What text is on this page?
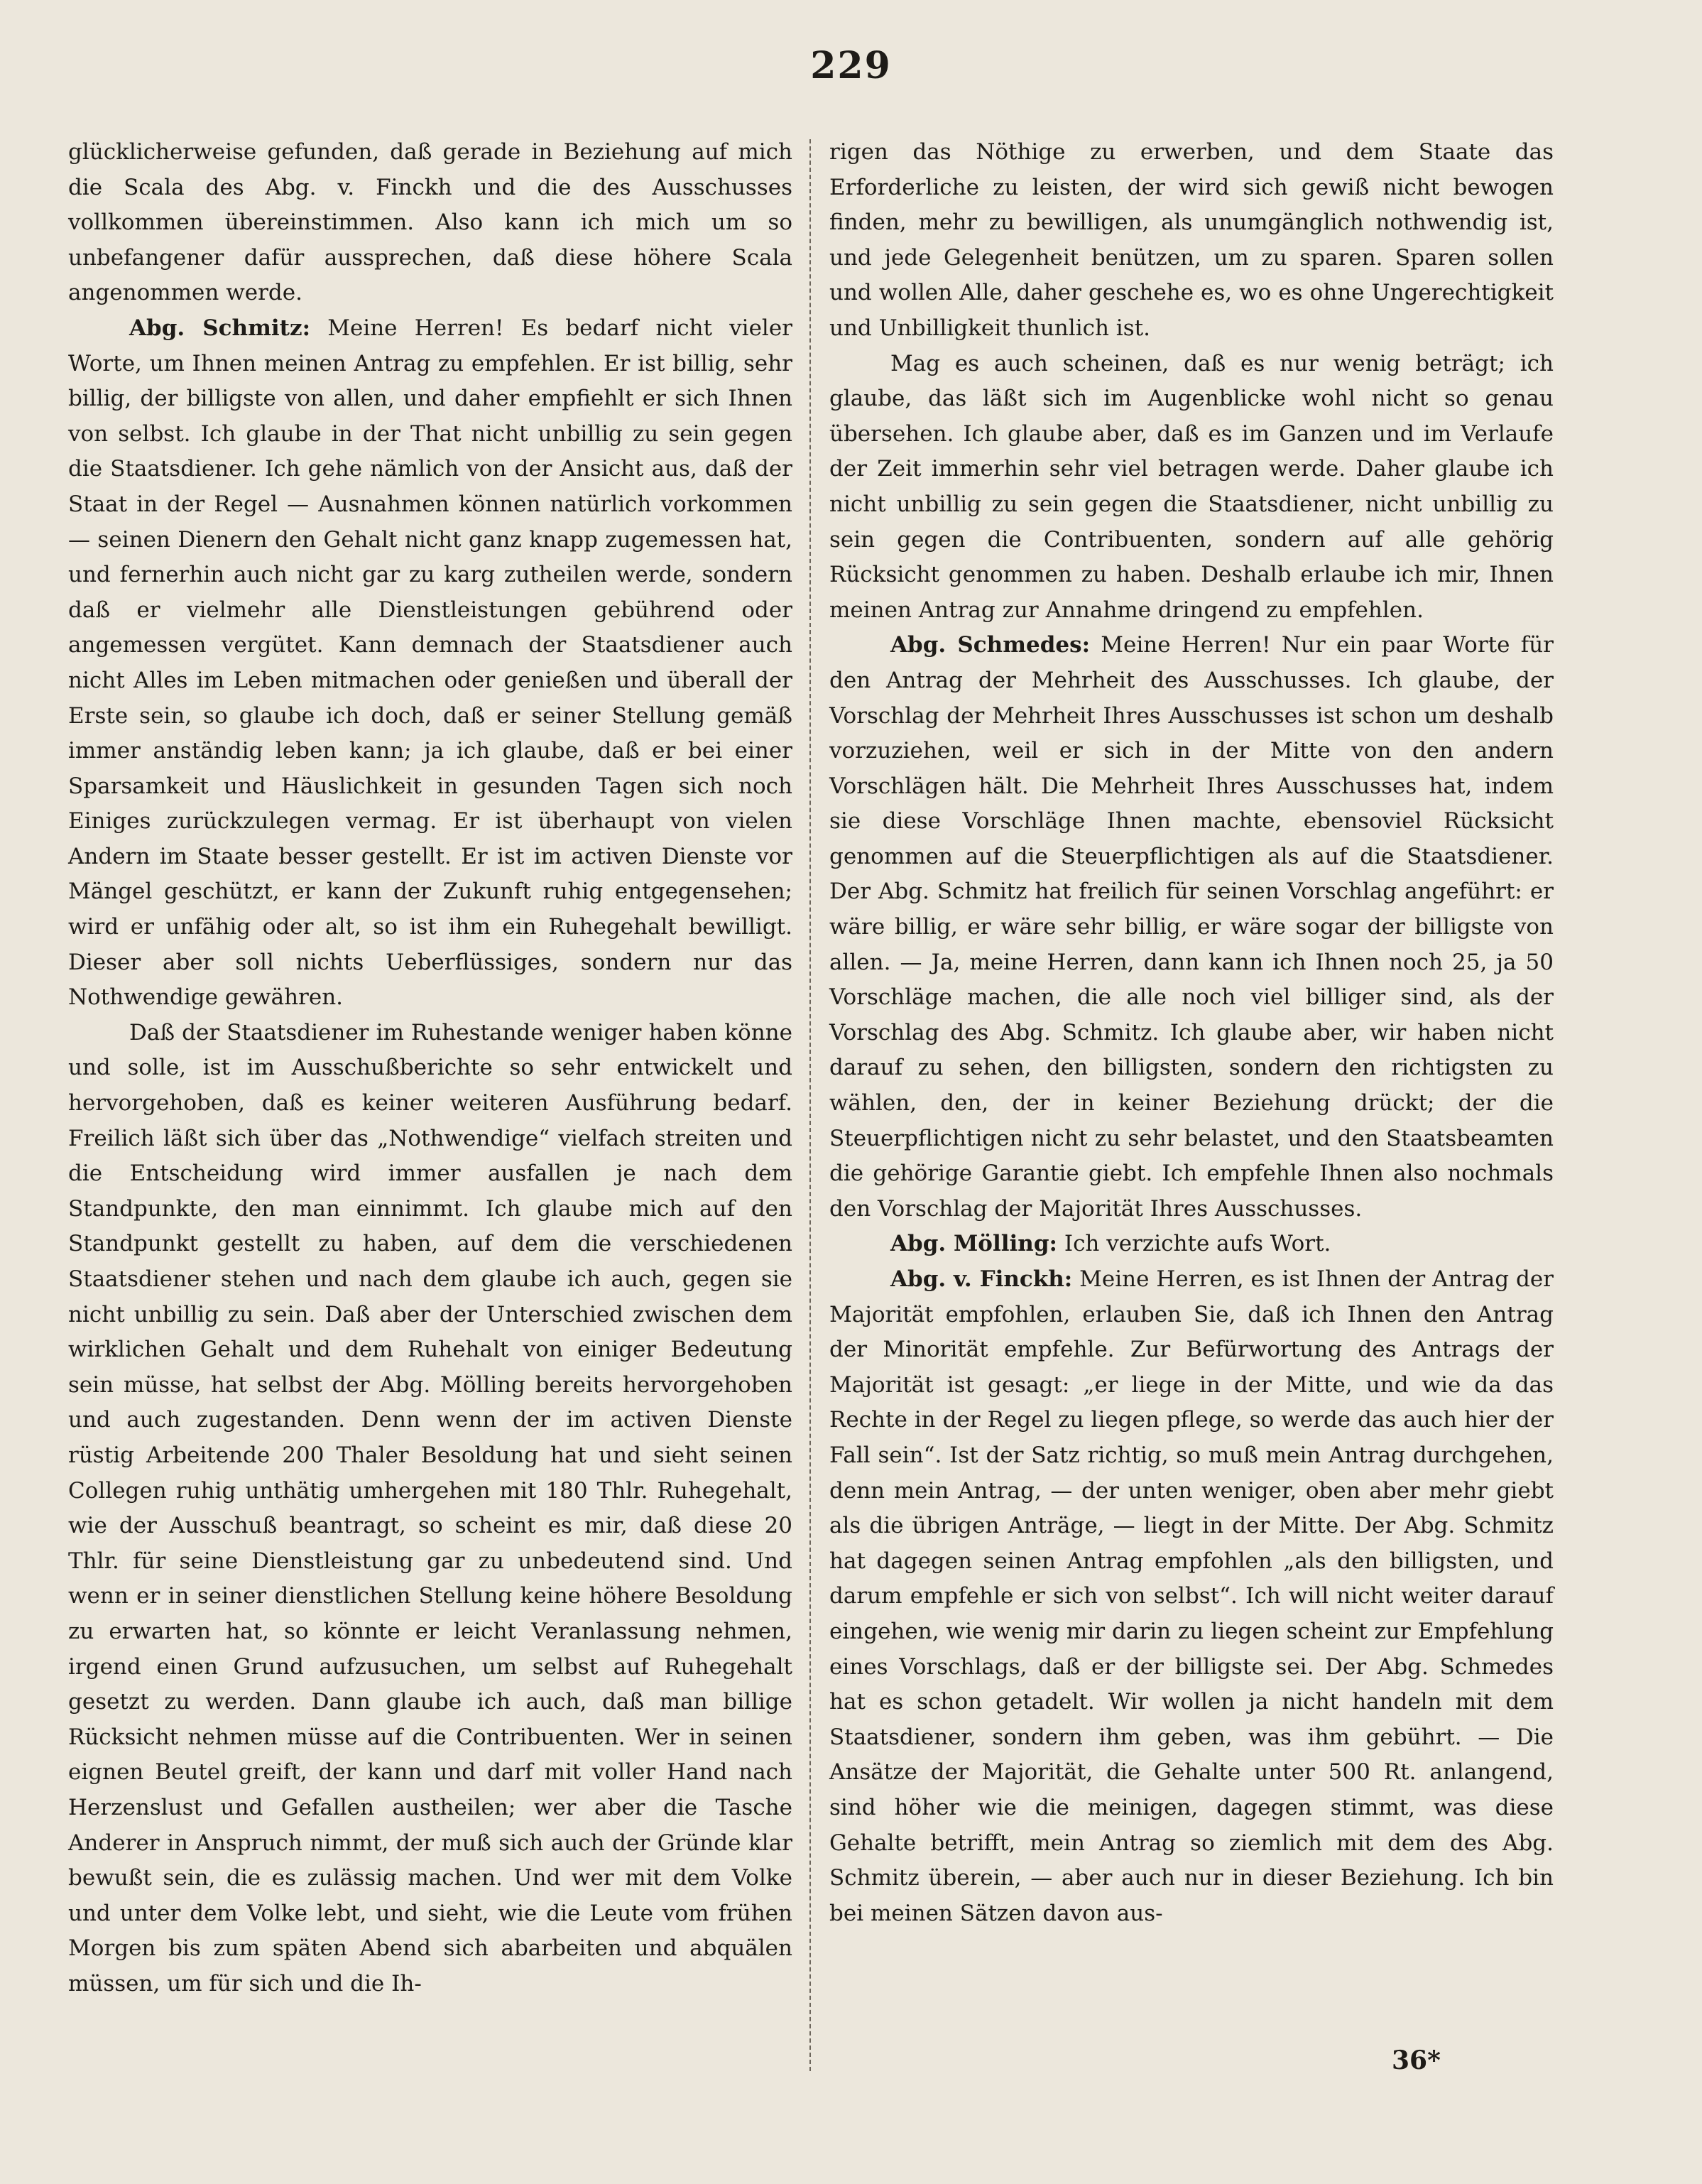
229

glücklicherweise gefunden, daß gerade in Beziehung auf mich die Scala des Abg. v. Finckh und die des Ausschusses vollkommen übereinstimmen. Also kann ich mich um so unbefangener dafür aussprechen, daß diese höhere Scala angenommen werde.

Abg. Schmitz: Meine Herren! Es bedarf nicht vieler Worte, um Ihnen meinen Antrag zu empfehlen. Er ist billig, sehr billig, der billigste von allen, und daher empfiehlt er sich Ihnen von selbst. Ich glaube in der That nicht unbillig zu sein gegen die Staatsdiener. Ich gehe nämlich von der Ansicht aus, daß der Staat in der Regel — Ausnahmen können natürlich vorkommen — seinen Dienern den Gehalt nicht ganz knapp zugemessen hat, und fernerhin auch nicht gar zu karg zutheilen werde, sondern daß er vielmehr alle Dienstleistungen gebührend oder angemessen vergütet. Kann demnach der Staatsdiener auch nicht Alles im Leben mitmachen oder genießen und überall der Erste sein, so glaube ich doch, daß er seiner Stellung gemäß immer anständig leben kann; ja ich glaube, daß er bei einer Sparsamkeit und Häuslichkeit in gesunden Tagen sich noch Einiges zurückzulegen vermag. Er ist überhaupt von vielen Andern im Staate besser gestellt. Er ist im activen Dienste vor Mängel geschützt, er kann der Zukunft ruhig entgegensehen; wird er unfähig oder alt, so ist ihm ein Ruhegehalt bewilligt. Dieser aber soll nichts Ueberflüssiges, sondern nur das Nothwendige gewähren.

Daß der Staatsdiener im Ruhestande weniger haben könne und solle, ist im Ausschußberichte so sehr entwickelt und hervorgehoben, daß es keiner weiteren Ausführung bedarf. Freilich läßt sich über das „Nothwendige“ vielfach streiten und die Entscheidung wird immer ausfallen je nach dem Standpunkte, den man einnimmt. Ich glaube mich auf den Standpunkt gestellt zu haben, auf dem die verschiedenen Staatsdiener stehen und nach dem glaube ich auch, gegen sie nicht unbillig zu sein. Daß aber der Unterschied zwischen dem wirklichen Gehalt und dem Ruhehalt von einiger Bedeutung sein müsse, hat selbst der Abg. Mölling bereits hervorgehoben und auch zugestanden. Denn wenn der im activen Dienste rüstig Arbeitende 200 Thaler Besoldung hat und sieht seinen Collegen ruhig unthätig umhergehen mit 180 Thlr. Ruhegehalt, wie der Ausschuß beantragt, so scheint es mir, daß diese 20 Thlr. für seine Dienstleistung gar zu unbedeutend sind. Und wenn er in seiner dienstlichen Stellung keine höhere Besoldung zu erwarten hat, so könnte er leicht Veranlassung nehmen, irgend einen Grund aufzusuchen, um selbst auf Ruhegehalt gesetzt zu werden. Dann glaube ich auch, daß man billige Rücksicht nehmen müsse auf die Contribuenten. Wer in seinen eignen Beutel greift, der kann und darf mit voller Hand nach Herzenslust und Gefallen austheilen; wer aber die Tasche Anderer in Anspruch nimmt, der muß sich auch der Gründe klar bewußt sein, die es zulässig machen. Und wer mit dem Volke und unter dem Volke lebt, und sieht, wie die Leute vom frühen Morgen bis zum späten Abend sich abarbeiten und abquälen müssen, um für sich und die Ih-

rigen das Nöthige zu erwerben, und dem Staate das Erforderliche zu leisten, der wird sich gewiß nicht bewogen finden, mehr zu bewilligen, als unumgänglich nothwendig ist, und jede Gelegenheit benützen, um zu sparen. Sparen sollen und wollen Alle, daher geschehe es, wo es ohne Ungerechtigkeit und Unbilligkeit thunlich ist.

Mag es auch scheinen, daß es nur wenig beträgt; ich glaube, das läßt sich im Augenblicke wohl nicht so genau übersehen. Ich glaube aber, daß es im Ganzen und im Verlaufe der Zeit immerhin sehr viel betragen werde. Daher glaube ich nicht unbillig zu sein gegen die Staatsdiener, nicht unbillig zu sein gegen die Contribuenten, sondern auf alle gehörig Rücksicht genommen zu haben. Deshalb erlaube ich mir, Ihnen meinen Antrag zur Annahme dringend zu empfehlen.

Abg. Schmedes: Meine Herren! Nur ein paar Worte für den Antrag der Mehrheit des Ausschusses. Ich glaube, der Vorschlag der Mehrheit Ihres Ausschusses ist schon um deshalb vorzuziehen, weil er sich in der Mitte von den andern Vorschlägen hält. Die Mehrheit Ihres Ausschusses hat, indem sie diese Vorschläge Ihnen machte, ebensoviel Rücksicht genommen auf die Steuerpflichtigen als auf die Staatsdiener. Der Abg. Schmitz hat freilich für seinen Vorschlag angeführt: er wäre billig, er wäre sehr billig, er wäre sogar der billigste von allen. — Ja, meine Herren, dann kann ich Ihnen noch 25, ja 50 Vorschläge machen, die alle noch viel billiger sind, als der Vorschlag des Abg. Schmitz. Ich glaube aber, wir haben nicht darauf zu sehen, den billigsten, sondern den richtigsten zu wählen, den, der in keiner Beziehung drückt; der die Steuerpflichtigen nicht zu sehr belastet, und den Staatsbeamten die gehörige Garantie giebt. Ich empfehle Ihnen also nochmals den Vorschlag der Majorität Ihres Ausschusses.

Abg. Mölling: Ich verzichte aufs Wort.

Abg. v. Finckh: Meine Herren, es ist Ihnen der Antrag der Majorität empfohlen, erlauben Sie, daß ich Ihnen den Antrag der Minorität empfehle. Zur Befürwortung des Antrags der Majorität ist gesagt: „er liege in der Mitte, und wie da das Rechte in der Regel zu liegen pflege, so werde das auch hier der Fall sein“. Ist der Satz richtig, so muß mein Antrag durchgehen, denn mein Antrag, — der unten weniger, oben aber mehr giebt als die übrigen Anträge, — liegt in der Mitte. Der Abg. Schmitz hat dagegen seinen Antrag empfohlen „als den billigsten, und darum empfehle er sich von selbst“. Ich will nicht weiter darauf eingehen, wie wenig mir darin zu liegen scheint zur Empfehlung eines Vorschlags, daß er der billigste sei. Der Abg. Schmedes hat es schon getadelt. Wir wollen ja nicht handeln mit dem Staatsdiener, sondern ihm geben, was ihm gebührt. — Die Ansätze der Majorität, die Gehalte unter 500 Rt. anlangend, sind höher wie die meinigen, dagegen stimmt, was diese Gehalte betrifft, mein Antrag so ziemlich mit dem des Abg. Schmitz überein, — aber auch nur in dieser Beziehung. Ich bin bei meinen Sätzen davon aus-

36*
